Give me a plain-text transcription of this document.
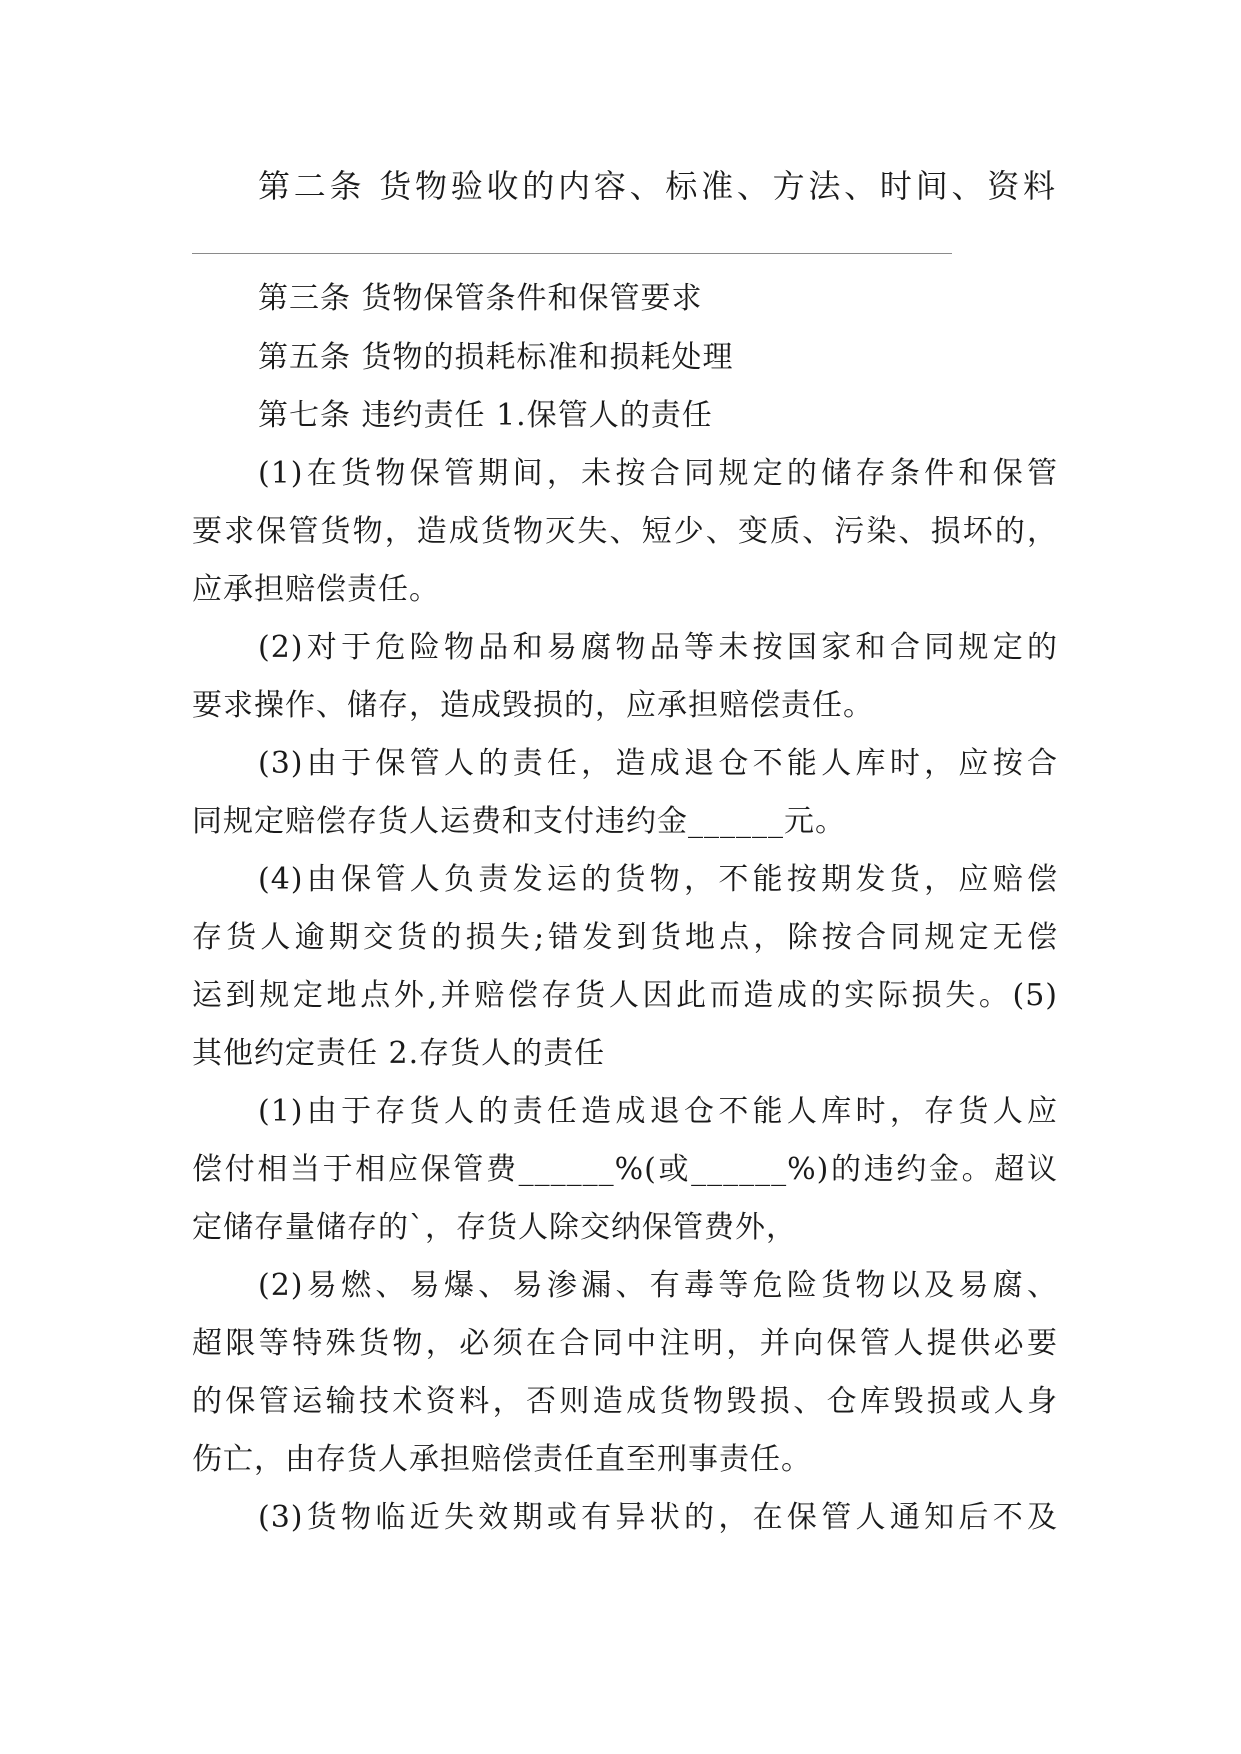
第二条 货物验收的内容、标准、方法、时间、资料

第三条 货物保管条件和保管要求

第五条 货物的损耗标准和损耗处理

第七条 违约责任 1.保管人的责任

(1)在货物保管期间，未按合同规定的储存条件和保管

要求保管货物，造成货物灭失、短少、变质、污染、损坏的，

应承担赔偿责任。

(2)对于危险物品和易腐物品等未按国家和合同规定的

要求操作、储存，造成毁损的，应承担赔偿责任。

(3)由于保管人的责任，造成退仓不能人库时，应按合

同规定赔偿存货人运费和支付违约金______元。

(4)由保管人负责发运的货物，不能按期发货，应赔偿

存货人逾期交货的损失;错发到货地点，除按合同规定无偿

运到规定地点外,并赔偿存货人因此而造成的实际损失。(5)

其他约定责任 2.存货人的责任

(1)由于存货人的责任造成退仓不能人库时，存货人应

偿付相当于相应保管费______%(或______%)的违约金。超议

定储存量储存的`，存货人除交纳保管费外，

(2)易燃、易爆、易渗漏、有毒等危险货物以及易腐、

超限等特殊货物，必须在合同中注明，并向保管人提供必要

的保管运输技术资料，否则造成货物毁损、仓库毁损或人身

伤亡，由存货人承担赔偿责任直至刑事责任。

(3)货物临近失效期或有异状的，在保管人通知后不及
